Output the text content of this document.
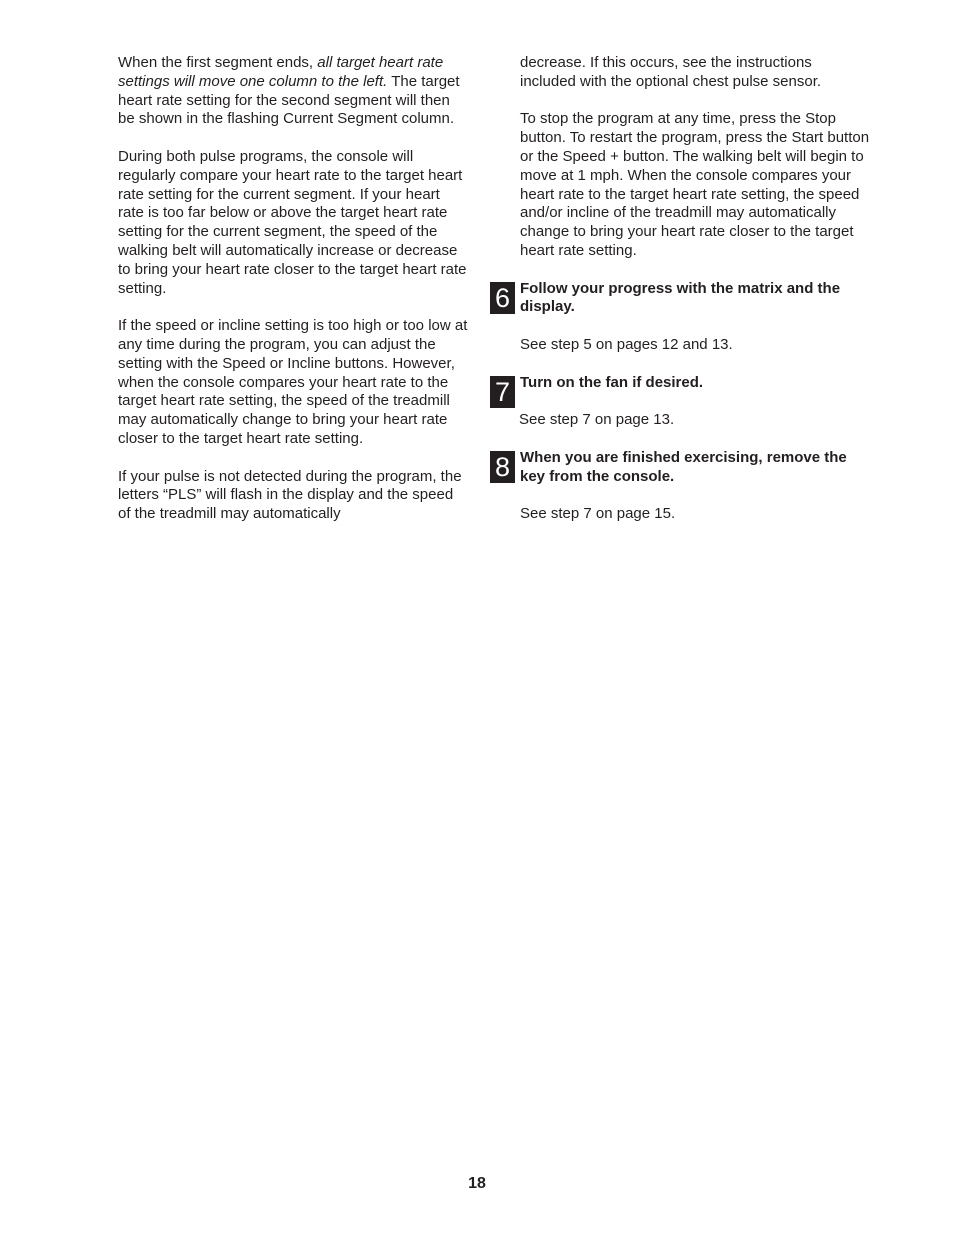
When the first segment ends, all target heart rate settings will move one column to the left. The target heart rate setting for the second segment will then be shown in the flashing Current Segment column.

During both pulse programs, the console will regularly compare your heart rate to the target heart rate setting for the current segment. If your heart rate is too far below or above the target heart rate setting for the current segment, the speed of the walking belt will automatically increase or decrease to bring your heart rate closer to the target heart rate setting.

If the speed or incline setting is too high or too low at any time during the program, you can adjust the setting with the Speed or Incline buttons. However, when the console compares your heart rate to the target heart rate setting, the speed of the treadmill may automatically change to bring your heart rate closer to the target heart rate setting.

If your pulse is not detected during the program, the letters “PLS” will flash in the display and the speed of the treadmill may automatically

decrease. If this occurs, see the instructions included with the optional chest pulse sensor.

To stop the program at any time, press the Stop button. To restart the program, press the Start button or the Speed + button. The walking belt will begin to move at 1 mph. When the console compares your heart rate to the target heart rate setting, the speed and/or incline of the treadmill may automatically change to bring your heart rate closer to the target heart rate setting.

6 Follow your progress with the matrix and the display.

See step 5 on pages 12 and 13.

7 Turn on the fan if desired.

See step 7 on page 13.

8 When you are finished exercising, remove the key from the console.

See step 7 on page 15.

18
